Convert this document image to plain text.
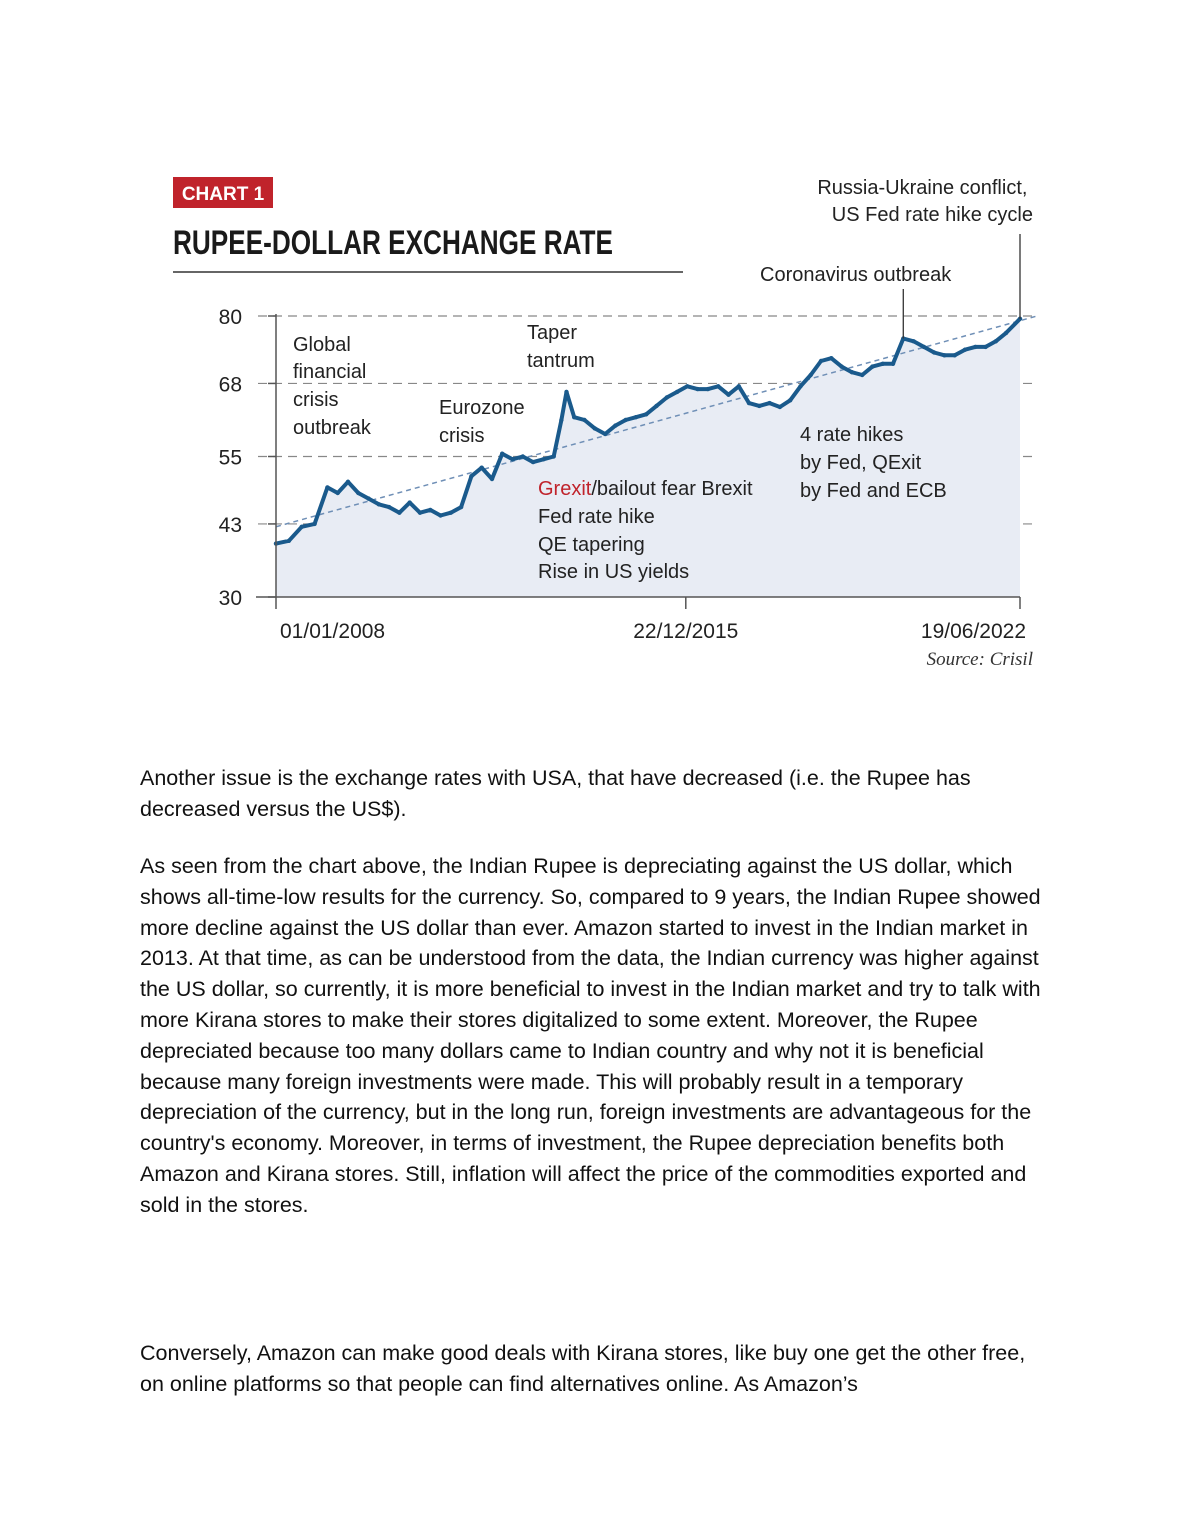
CHART 1
RUPEE-DOLLAR EXCHANGE RATE
80
68
55
43
30
01/01/2008	22/12/2015	19/06/2022
Global financial crisis outbreak
Taper tantrum
Eurozone crisis
Grexit/bailout fear Brexit Fed rate hike QE tapering Rise in US yields
4 rate hikes by Fed, QExit by Fed and ECB
Coronavirus outbreak
Russia-Ukraine conflict, US Fed rate hike cycle
Source: Crisil

Another issue is the exchange rates with USA, that have decreased (i.e. the Rupee has decreased versus the US$).

As seen from the chart above, the Indian Rupee is depreciating against the US dollar, which shows all-time-low results for the currency. So, compared to 9 years, the Indian Rupee showed more decline against the US dollar than ever. Amazon started to invest in the Indian market in 2013. At that time, as can be understood from the data, the Indian currency was higher against the US dollar, so currently, it is more beneficial to invest in the Indian market and try to talk with more Kirana stores to make their stores digitalized to some extent. Moreover, the Rupee depreciated because too many dollars came to Indian country and why not it is beneficial because many foreign investments were made. This will probably result in a temporary depreciation of the currency, but in the long run, foreign investments are advantageous for the country's economy. Moreover, in terms of investment, the Rupee depreciation benefits both Amazon and Kirana stores. Still, inflation will affect the price of the commodities exported and sold in the stores.

Conversely, Amazon can make good deals with Kirana stores, like buy one get the other free, on online platforms so that people can find alternatives online. As Amazon’s
